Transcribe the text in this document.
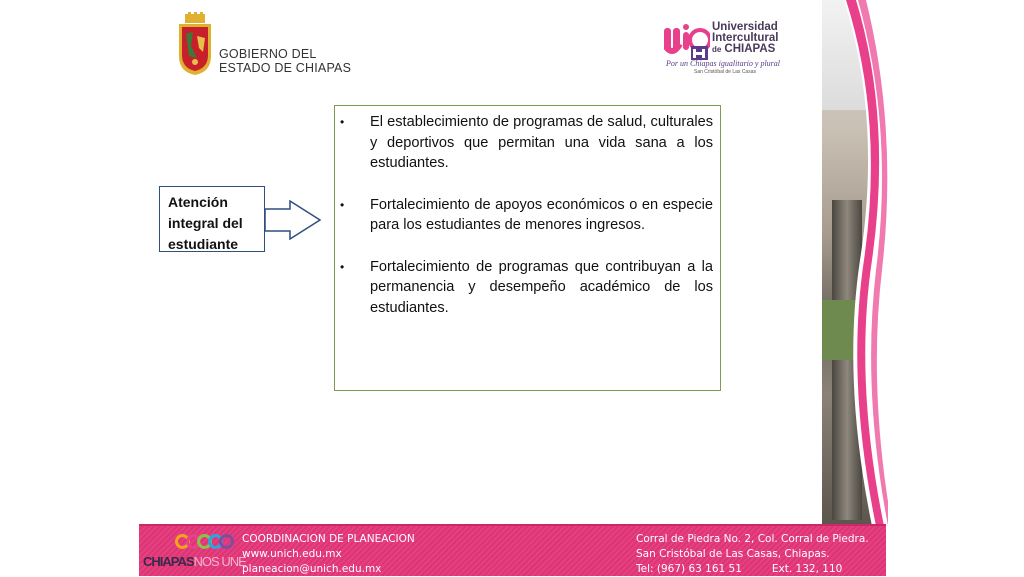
GOBIERNO DEL
ESTADO DE CHIAPAS
Universidad
Intercultural
de CHIAPAS
Por un Chiapas igualitario y plural
San Cristóbal de Las Casas
Atención integral del estudiante
• El establecimiento de programas de salud, culturales y deportivos que permitan una vida sana a los estudiantes.
• Fortalecimiento de apoyos económicos o en especie para los estudiantes de menores ingresos.
• Fortalecimiento de programas que contribuyan a la permanencia y desempeño académico de los estudiantes.
CHIAPASNOS UNE
COORDINACION DE PLANEACION
www.unich.edu.mx
planeacion@unich.edu.mx
Corral de Piedra No. 2, Col. Corral de Piedra.
San Cristóbal de Las Casas, Chiapas.
Tel: (967) 63 161 51	Ext. 132, 110
